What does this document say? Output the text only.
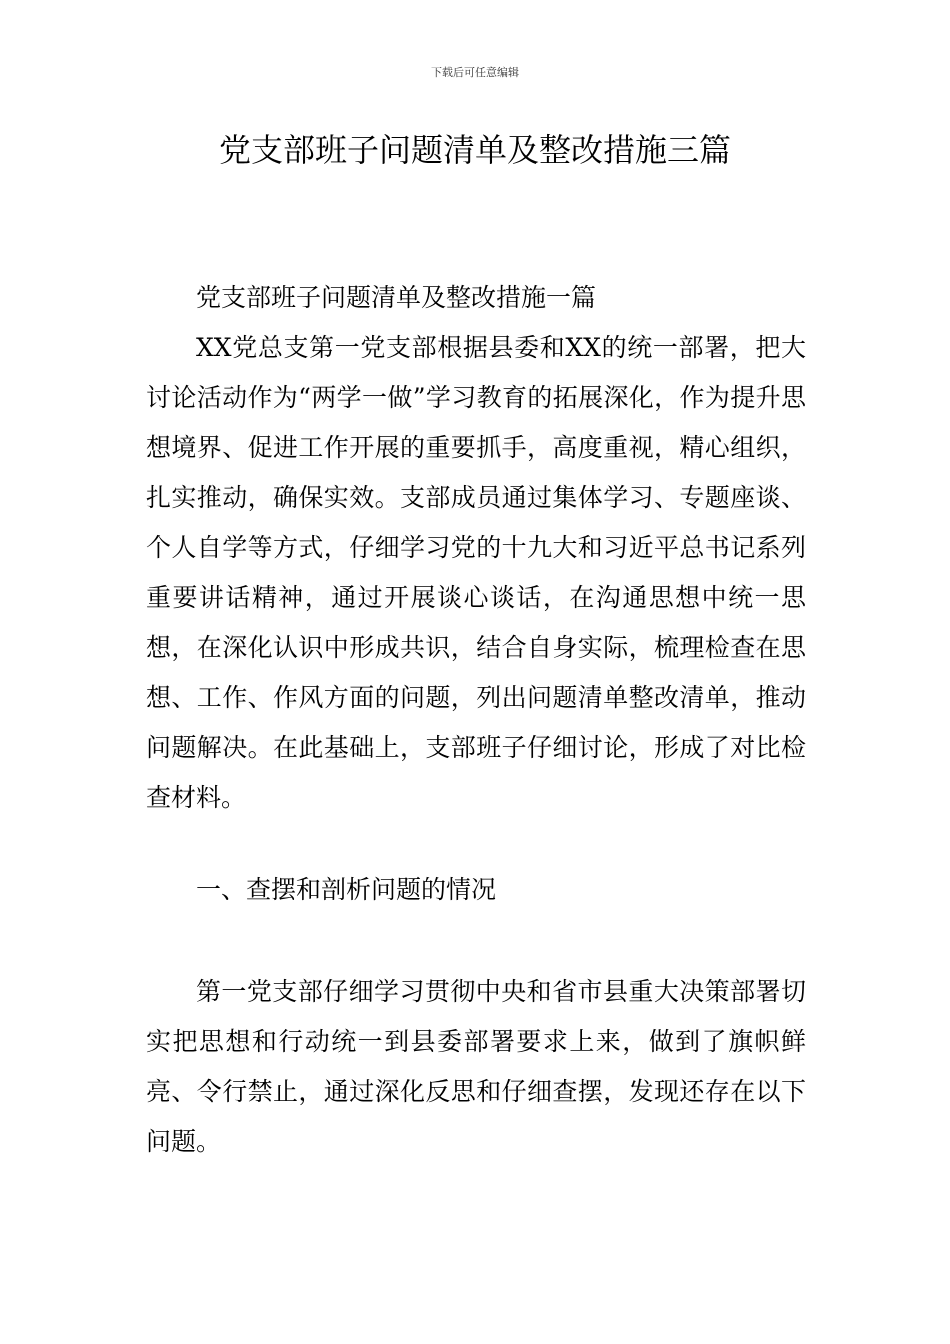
下载后可任意编辑
党支部班子问题清单及整改措施三篇

党支部班子问题清单及整改措施一篇

XX党总支第一党支部根据县委和XX的统一部署，把大讨论活动作为“两学一做”学习教育的拓展深化，作为提升思想境界、促进工作开展的重要抓手，高度重视，精心组织，扎实推动，确保实效。支部成员通过集体学习、专题座谈、个人自学等方式，仔细学习党的十九大和习近平总书记系列重要讲话精神，通过开展谈心谈话，在沟通思想中统一思想，在深化认识中形成共识，结合自身实际，梳理检查在思想、工作、作风方面的问题，列出问题清单整改清单，推动问题解决。在此基础上，支部班子仔细讨论，形成了对比检查材料。

一、查摆和剖析问题的情况

第一党支部仔细学习贯彻中央和省市县重大决策部署切实把思想和行动统一到县委部署要求上来，做到了旗帜鲜亮、令行禁止，通过深化反思和仔细查摆，发现还存在以下问题。
